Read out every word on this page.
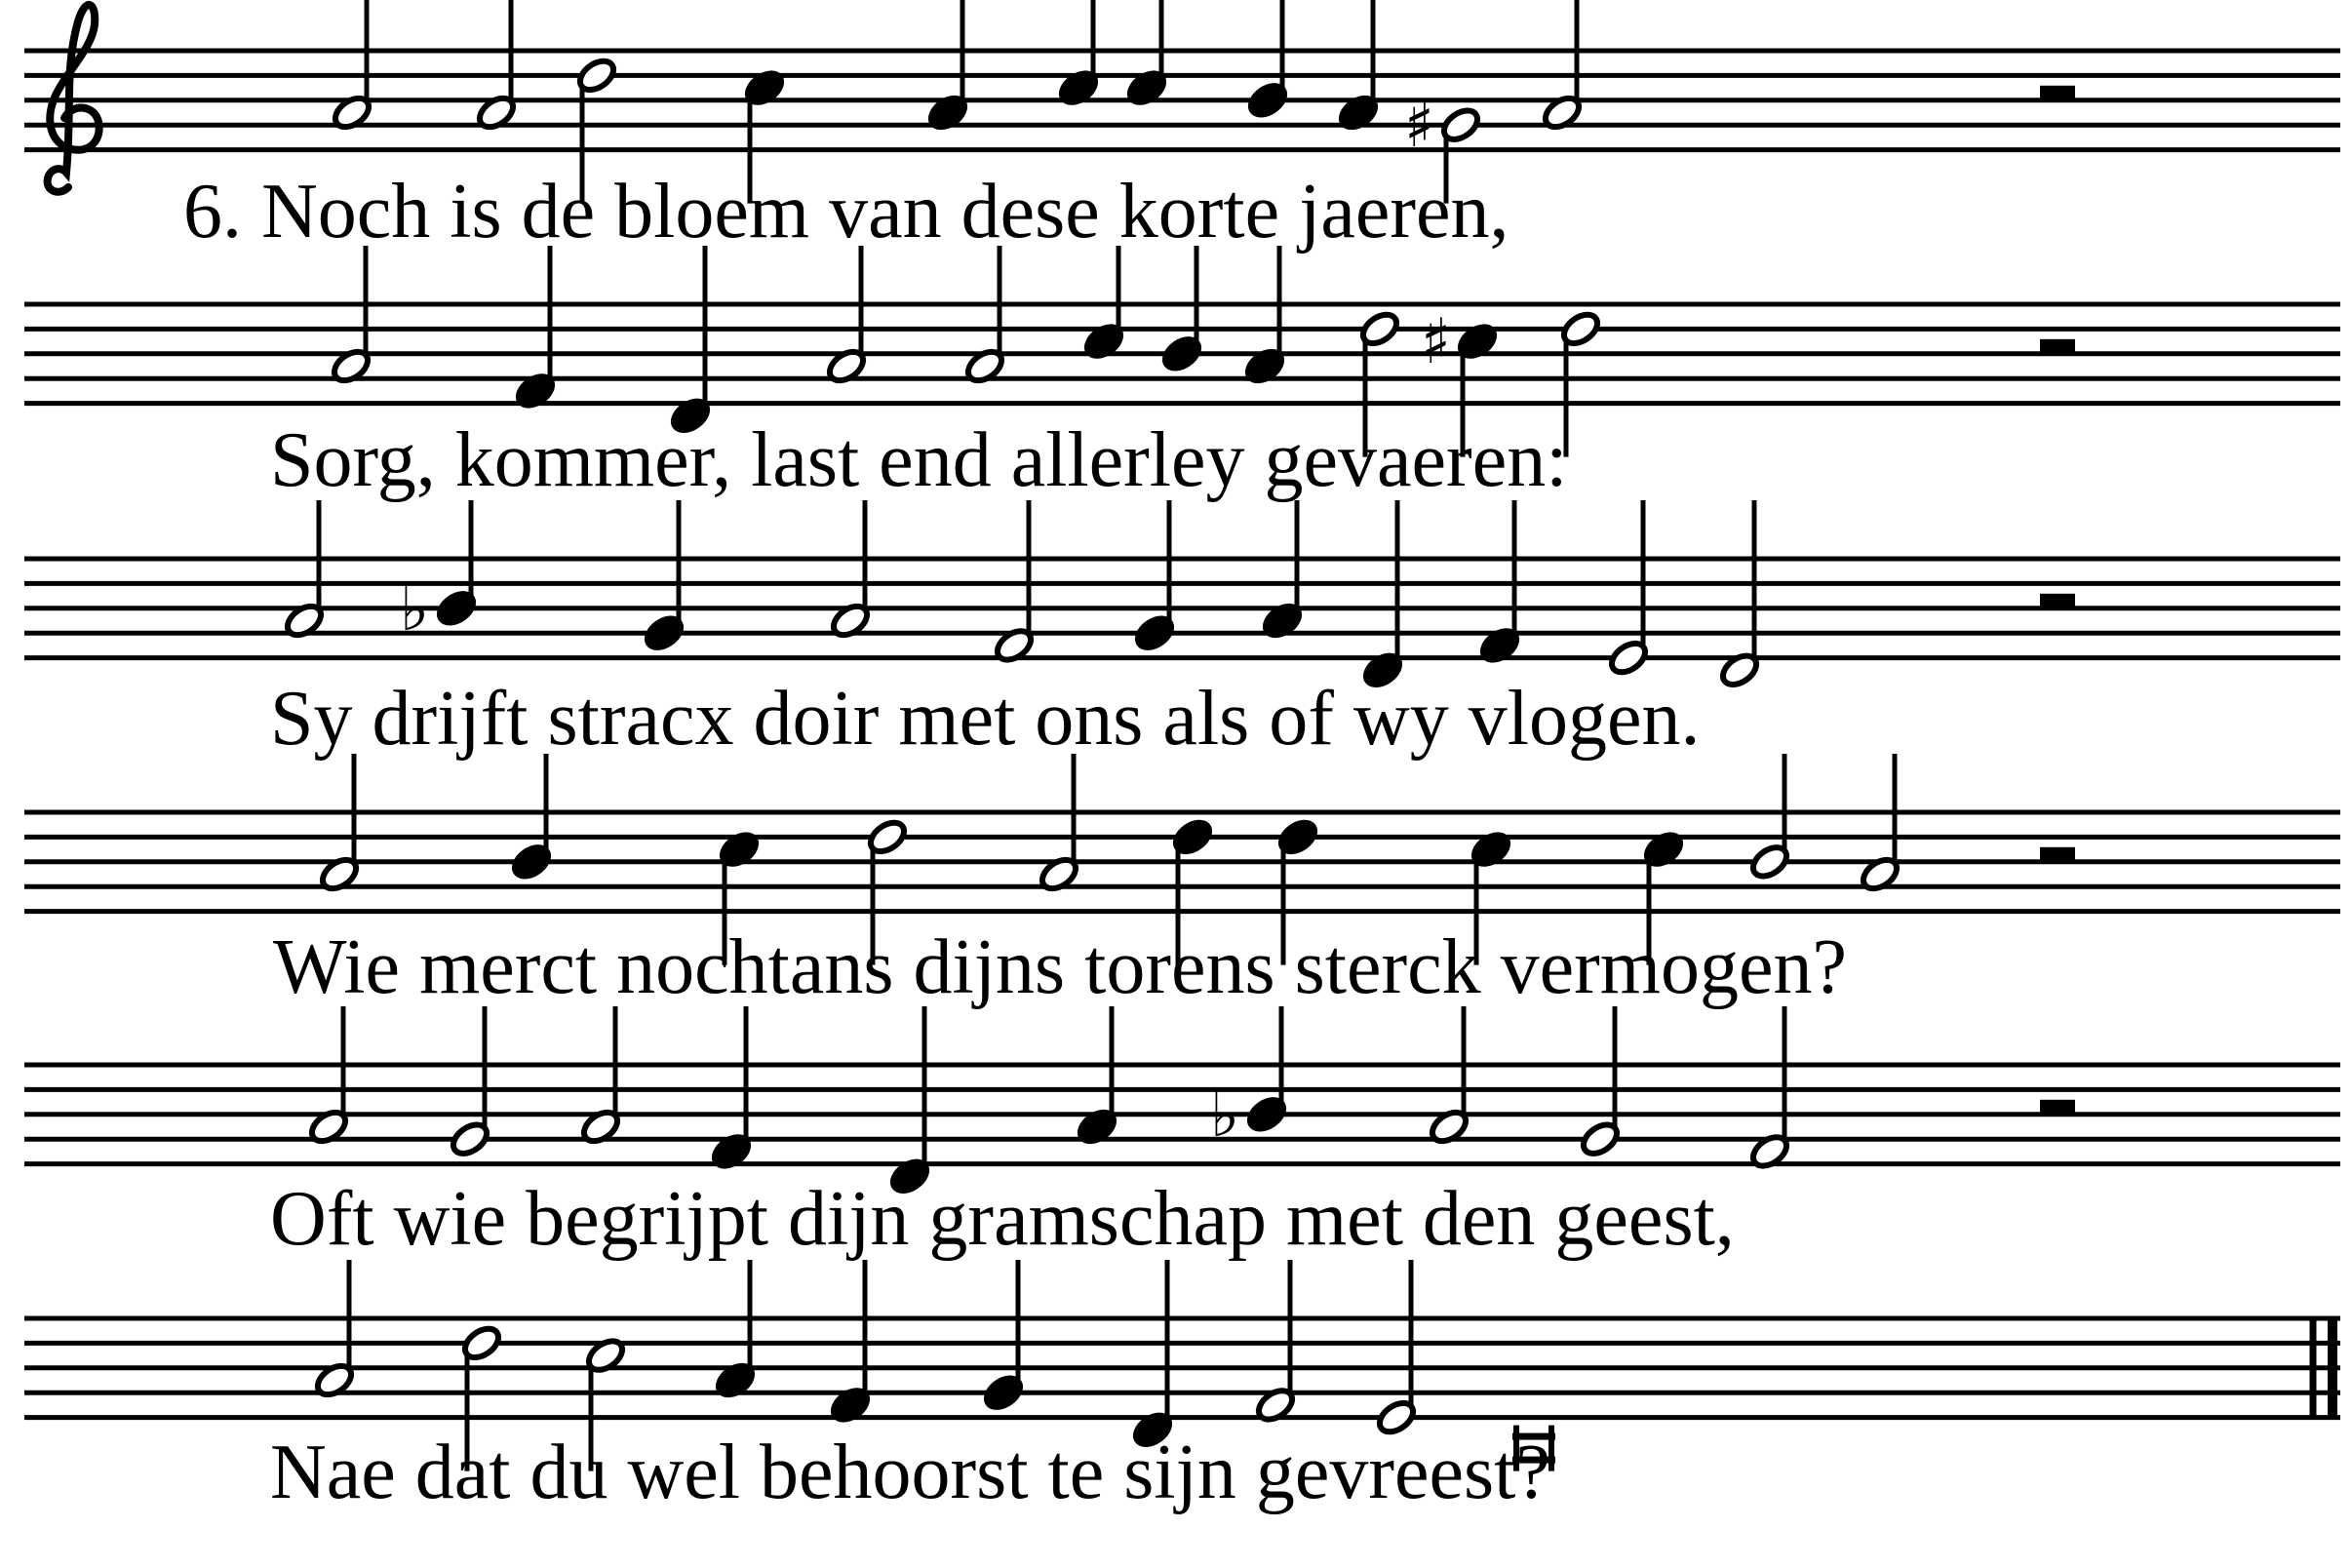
♯
♯
♭
♭
6. Noch is de bloem van dese korte jaeren,
Sorg, kommer, last end allerley gevaeren:
Sy drijft stracx doir met ons als of wy vlogen.
Wie merct nochtans dijns torens sterck vermogen?
Oft wie begrijpt dijn gramschap met den geest,
Nae dat du wel behoorst te sijn gevreest?
